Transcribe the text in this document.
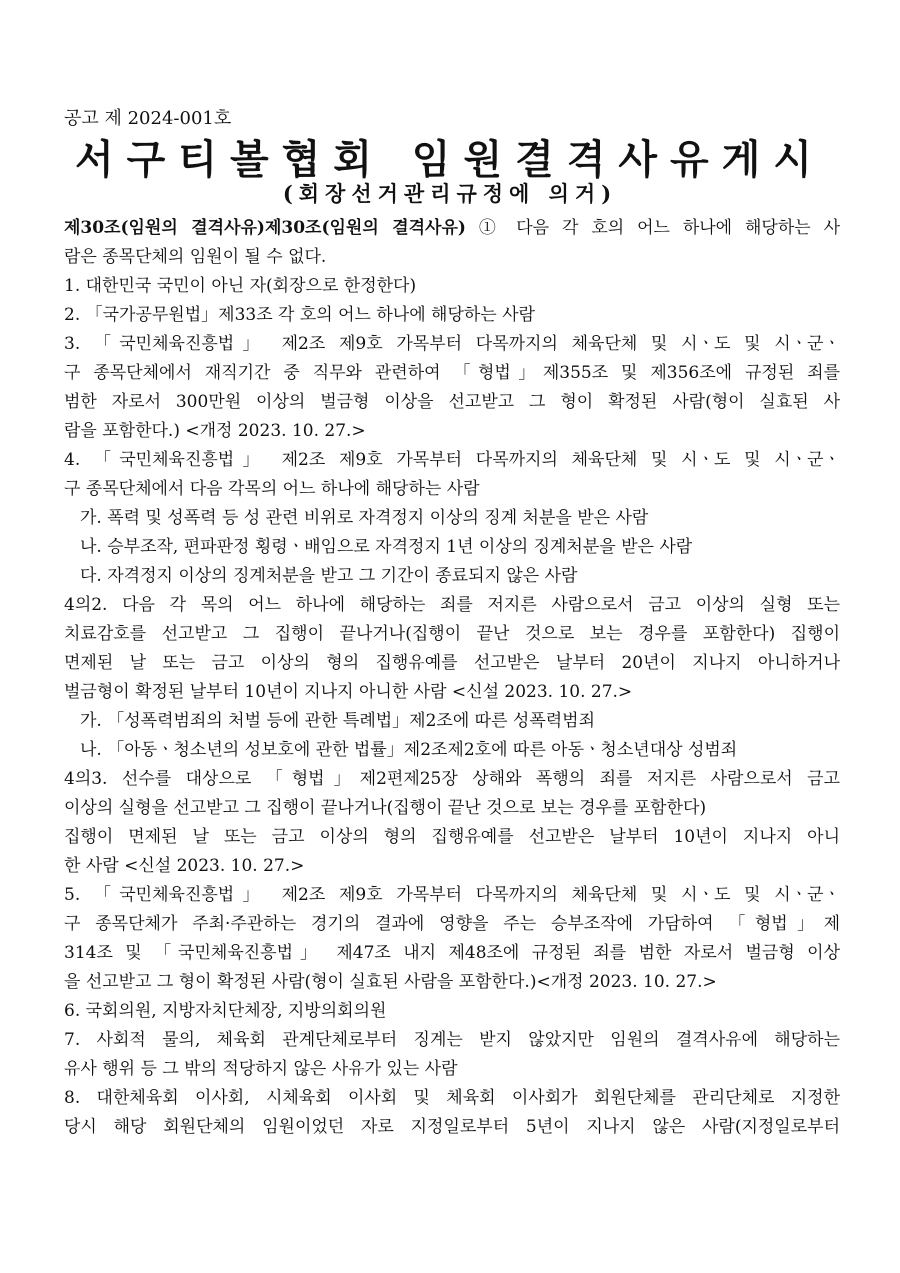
공고 제 2024-001호
서구티볼협회 임원결격사유게시
(회장선거관리규정에 의거)
제30조(임원의 결격사유)제30조(임원의 결격사유) ① 다음 각 호의 어느 하나에 해당하는 사
람은 종목단체의 임원이 될 수 없다.
1. 대한민국 국민이 아닌 자(회장으로 한정한다)
2. 「국가공무원법」제33조 각 호의 어느 하나에 해당하는 사람
3. 「국민체육진흥법」 제2조 제9호 가목부터 다목까지의 체육단체 및 시ㆍ도 및 시ㆍ군ㆍ
구 종목단체에서 재직기간 중 직무와 관련하여 「형법」제355조 및 제356조에 규정된 죄를
범한 자로서 300만원 이상의 벌금형 이상을 선고받고 그 형이 확정된 사람(형이 실효된 사
람을 포함한다.) <개정 2023. 10. 27.>
4. 「국민체육진흥법」 제2조 제9호 가목부터 다목까지의 체육단체 및 시ㆍ도 및 시ㆍ군ㆍ
구 종목단체에서 다음 각목의 어느 하나에 해당하는 사람
가. 폭력 및 성폭력 등 성 관련 비위로 자격정지 이상의 징계 처분을 받은 사람
나. 승부조작, 편파판정 횡령ㆍ배임으로 자격정지 1년 이상의 징계처분을 받은 사람
다. 자격정지 이상의 징계처분을 받고 그 기간이 종료되지 않은 사람
4의2. 다음 각 목의 어느 하나에 해당하는 죄를 저지른 사람으로서 금고 이상의 실형 또는
치료감호를 선고받고 그 집행이 끝나거나(집행이 끝난 것으로 보는 경우를 포함한다) 집행이
면제된 날 또는 금고 이상의 형의 집행유예를 선고받은 날부터 20년이 지나지 아니하거나
벌금형이 확정된 날부터 10년이 지나지 아니한 사람 <신설 2023. 10. 27.>
가. 「성폭력범죄의 처벌 등에 관한 특례법」제2조에 따른 성폭력범죄
나. 「아동ㆍ청소년의 성보호에 관한 법률」제2조제2호에 따른 아동ㆍ청소년대상 성범죄
4의3. 선수를 대상으로 「형법」제2편제25장 상해와 폭행의 죄를 저지른 사람으로서 금고
이상의 실형을 선고받고 그 집행이 끝나거나(집행이 끝난 것으로 보는 경우를 포함한다)
집행이 면제된 날 또는 금고 이상의 형의 집행유예를 선고받은 날부터 10년이 지나지 아니
한 사람 <신설 2023. 10. 27.>
5. 「국민체육진흥법」 제2조 제9호 가목부터 다목까지의 체육단체 및 시ㆍ도 및 시ㆍ군ㆍ
구 종목단체가 주최·주관하는 경기의 결과에 영향을 주는 승부조작에 가담하여 「형법」제
314조 및 「국민체육진흥법」 제47조 내지 제48조에 규정된 죄를 범한 자로서 벌금형 이상
을 선고받고 그 형이 확정된 사람(형이 실효된 사람을 포함한다.)<개정 2023. 10. 27.>
6. 국회의원, 지방자치단체장, 지방의회의원
7. 사회적 물의, 체육회 관계단체로부터 징계는 받지 않았지만 임원의 결격사유에 해당하는
유사 행위 등 그 밖의 적당하지 않은 사유가 있는 사람
8. 대한체육회 이사회, 시체육회 이사회 및 체육회 이사회가 회원단체를 관리단체로 지정한
당시 해당 회원단체의 임원이었던 자로 지정일로부터 5년이 지나지 않은 사람(지정일로부터
